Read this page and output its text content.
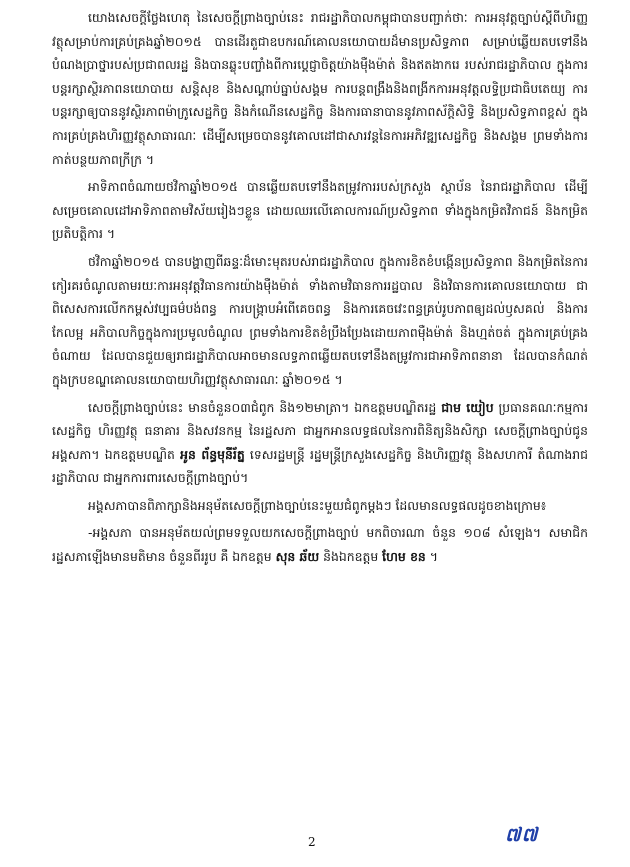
យោងសេចក្តីថ្លែងហេតុ នៃសេចក្តីព្រាងច្បាប់នេះ រាជរដ្ឋាភិបាលកម្ពុជាបានបញ្ជាក់ថាៈ ការអនុវត្តច្បាប់ស្តីពីហិរញ្ញវត្ថុសម្រាប់ការគ្រប់គ្រងឆ្នាំ២០១៥ បានដើរតួជាឧបករណ៍គោលនយោបាយដ៏មានប្រសិទ្ធភាព សម្រាប់ឆ្លើយតបទៅនឹងបំណងប្រាថ្នារបស់ប្រជាពលរដ្ឋ និងបានឆ្លុះបញ្ចាំងពីការប្តេជ្ញាចិត្តយ៉ាងម៉ឺងម៉ាត់ និងឥតងាករេ របស់រាជរដ្ឋាភិបាល ក្នុងការបន្តរក្សាស្ថិរភាពនយោបាយ សន្តិសុខ និងសណ្តាប់ធ្នាប់សង្គម ការបន្តពង្រឹងនិងពង្រីកការអនុវត្តលទ្ធិប្រជាធិបតេយ្យ ការបន្តរក្សាឲ្យបាននូវស្ថិរភាពម៉ាក្រូសេដ្ឋកិច្ច និងកំណើនសេដ្ឋកិច្ច និងការធានាបាននូវភាពស័ក្តិសិទ្ធិ និងប្រសិទ្ធភាពខ្ពស់ ក្នុងការគ្រប់គ្រងហិរញ្ញវត្ថុសាធារណៈ ដើម្បីសម្រេចបាននូវគោលដៅជាសារវន្តនៃការអភិវឌ្ឍសេដ្ឋកិច្ច និងសង្គម ព្រមទាំងការកាត់បន្ថយភាពក្រីក្រ ។

អាទិភាពចំណាយថវិកាឆ្នាំ២០១៥ បានឆ្លើយតបទៅនឹងតម្រូវការរបស់ក្រសួង ស្ថាប័ន នៃរាជរដ្ឋាភិបាល ដើម្បីសម្រេចគោលដៅអាទិភាពតាមវិស័យរៀងៗខ្លួន ដោយឈរលើគោលការណ៍ប្រសិទ្ធភាព ទាំងក្នុងកម្រិតវិភាជន៍ និងកម្រិតប្រតិបត្តិការ ។

ថវិកាឆ្នាំ២០១៥ បានបង្ហាញពីឆន្ទៈដ៏មោះមុតរបស់រាជរដ្ឋាភិបាល ក្នុងការខិតខំបង្កើនប្រសិទ្ធភាព និងកម្រិតនៃការកៀរគរចំណូលតាមរយៈការអនុវត្តវិធានការយ៉ាងម៉ឺងម៉ាត់ ទាំងតាមវិធានការរដ្ឋបាល និងវិធានការគោលនយោបាយ ជាពិសេសការលើកកម្ពស់វប្បធម៌បង់ពន្ធ ការបង្ក្រាបអំពើគេចពន្ធ និងការគេចវេះពន្ធគ្រប់រូបភាពឲ្យដល់ឫសគល់ និងការកែលម្អ អភិបាលកិច្ចក្នុងការប្រមូលចំណូល ព្រមទាំងការខិតខំប្រឹងប្រែងដោយភាពម៉ឺងម៉ាត់ និងហ្មត់ចត់ ក្នុងការគ្រប់គ្រងចំណាយ ដែលបានជួយឲ្យរាជរដ្ឋាភិបាលអាចមានលទ្ធភាពឆ្លើយតបទៅនឹងតម្រូវការជាអាទិភាពនានា ដែលបានកំណត់ ក្នុងក្របខណ្ឌគោលនយោបាយហិរញ្ញវត្ថុសាធារណៈ ឆ្នាំ២០១៥ ។

សេចក្តីព្រាងច្បាប់នេះ មានចំនួន០៣ជំពូក និង១២មាត្រា។ ឯកឧត្តមបណ្ឌិតរដ្ឋ ជាម យៀប ប្រធានគណៈកម្មការសេដ្ឋកិច្ច ហិរញ្ញវត្ថុ ធនាគារ និងសវនកម្ម នៃរដ្ឋសភា ជាអ្នកអានលទ្ធផលនៃការពិនិត្យនិងសិក្សា សេចក្តីព្រាងច្បាប់ជូនអង្គសភា។ ឯកឧត្តមបណ្ឌិត អូន ព័ន្ធមុនីរ័ត្ន ទេសរដ្ឋមន្ត្រី រដ្ឋមន្ត្រីក្រសួងសេដ្ឋកិច្ច និងហិរញ្ញវត្ថុ និងសហការី តំណាងរាជរដ្ឋាភិបាល ជាអ្នកការពារសេចក្តីព្រាងច្បាប់។

អង្គសភាបានពិភាក្សានិងអនុម័តសេចក្តីព្រាងច្បាប់នេះមួយជំពូកម្តងៗ ដែលមានលទ្ធផលដូចខាងក្រោម៖

-អង្គសភា បានអនុម័តយល់ព្រមទទួលយកសេចក្តីព្រាងច្បាប់ មកពិចារណា ចំនួន ១០៨ សំឡេង។ សមាជិករដ្ឋសភាឡើងមានមតិមាន ចំនួនពីររូប គឺ ឯកឧត្តម សុន ឆ័យ និងឯកឧត្តម ហែម ខន ។

2	៧៧
